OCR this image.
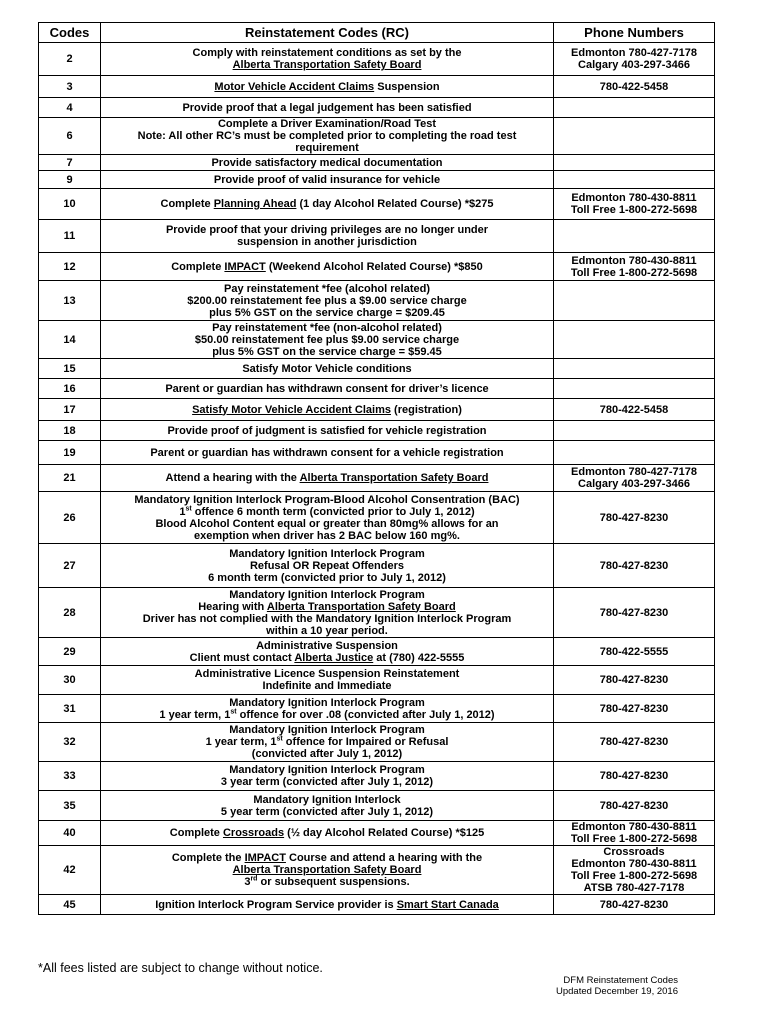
Codes	Reinstatement Codes (RC)	Phone Numbers
2	Comply with reinstatement conditions as set by the
Alberta Transportation Safety Board	Edmonton 780-427-7178
Calgary 403-297-3466

3	Motor Vehicle Accident Claims Suspension	780-422-5458

4	Provide proof that a legal judgement has been satisfied	

6	Complete a Driver Examination/Road Test
Note: All other RC’s must be completed prior to completing the road test
requirement	

7	Provide satisfactory medical documentation	

9	Provide proof of valid insurance for vehicle	

10	Complete Planning Ahead (1 day Alcohol Related Course) *$275	Edmonton 780-430-8811
Toll Free 1-800-272-5698

11	Provide proof that your driving privileges are no longer under
suspension in another jurisdiction	

12	Complete IMPACT (Weekend Alcohol Related Course) *$850	Edmonton 780-430-8811
Toll Free 1-800-272-5698

13	Pay reinstatement *fee (alcohol related)
$200.00 reinstatement fee plus a $9.00 service charge
plus 5% GST on the service charge = $209.45	

14	Pay reinstatement *fee (non-alcohol related)
$50.00 reinstatement fee plus $9.00 service charge
plus 5% GST on the service charge = $59.45	

15	Satisfy Motor Vehicle conditions	

16	Parent or guardian has withdrawn consent for driver’s licence	

17	Satisfy Motor Vehicle Accident Claims (registration)	780-422-5458

18	Provide proof of judgment is satisfied for vehicle registration	

19	Parent or guardian has withdrawn consent for a vehicle registration	

21	Attend a hearing with the Alberta Transportation Safety Board	Edmonton 780-427-7178
Calgary 403-297-3466

26	Mandatory Ignition Interlock Program-Blood Alcohol Consentration (BAC)
1st offence 6 month term (convicted prior to July 1, 2012)
Blood Alcohol Content equal or greater than 80mg% allows for an
exemption when driver has 2 BAC below 160 mg%.	780-427-8230

27	Mandatory Ignition Interlock Program
Refusal OR Repeat Offenders
6 month term (convicted prior to July 1, 2012)	780-427-8230

28	Mandatory Ignition Interlock Program
Hearing with Alberta Transportation Safety Board
Driver has not complied with the Mandatory Ignition Interlock Program
within a 10 year period.	780-427-8230

29	Administrative Suspension
Client must contact Alberta Justice at (780) 422-5555	780-422-5555

30	Administrative Licence Suspension Reinstatement
Indefinite and Immediate	780-427-8230

31	Mandatory Ignition Interlock Program
1 year term, 1st offence for over .08 (convicted after July 1, 2012)	780-427-8230

32	Mandatory Ignition Interlock Program
1 year term, 1st offence for Impaired or Refusal
(convicted after July 1, 2012)	780-427-8230

33	Mandatory Ignition Interlock Program
3 year term (convicted after July 1, 2012)	780-427-8230

35	Mandatory Ignition Interlock
5 year term (convicted after July 1, 2012)	780-427-8230

40	Complete Crossroads (½ day Alcohol Related Course) *$125	Edmonton 780-430-8811
Toll Free 1-800-272-5698

42	Complete the IMPACT Course and attend a hearing with the
Alberta Transportation Safety Board
3rd or subsequent suspensions.	Crossroads
Edmonton 780-430-8811
Toll Free 1-800-272-5698
ATSB 780-427-7178

45	Ignition Interlock Program Service provider is Smart Start Canada	780-427-8230
*All fees listed are subject to change without notice.
DFM Reinstatement Codes
Updated December 19, 2016
